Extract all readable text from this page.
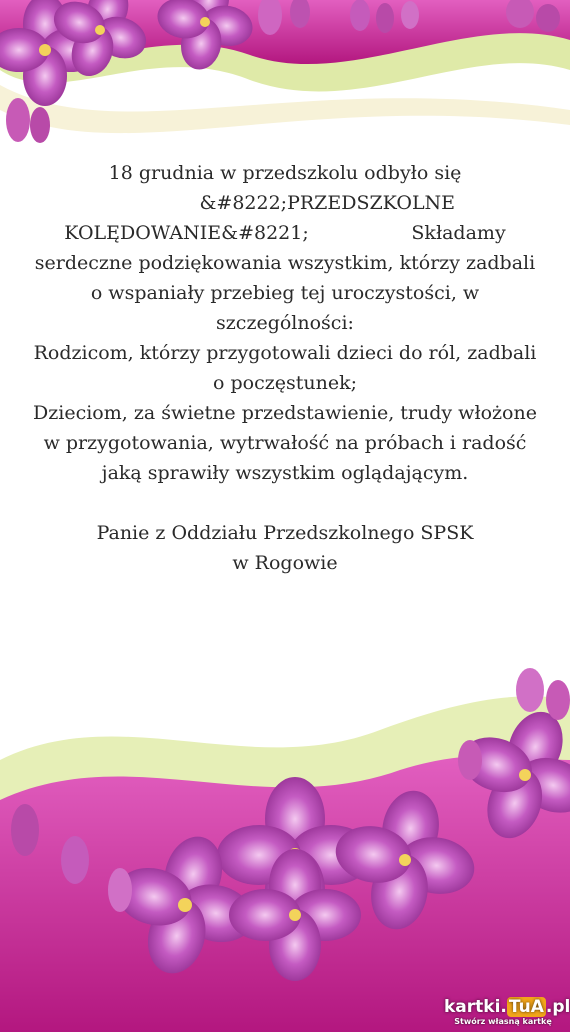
18 grudnia w przedszkolu odbyło się

&#8222;PRZEDSZKOLNE

KOLĘDOWANIE&#8221;                 Składamy serdeczne podziękowania wszystkim, którzy zadbali o wspaniały przebieg tej uroczystości, w szczególności:

Rodzicom, którzy przygotowali dzieci do ról, zadbali o poczęstunek;

Dzieciom, za świetne przedstawienie, trudy włożone w przygotowania, wytrwałość na próbach i radość jaką sprawiły wszystkim oglądającym.

Panie z Oddziału Przedszkolnego SPSK

w Rogowie

kartki. TuA .pl
Stwórz własną kartkę
